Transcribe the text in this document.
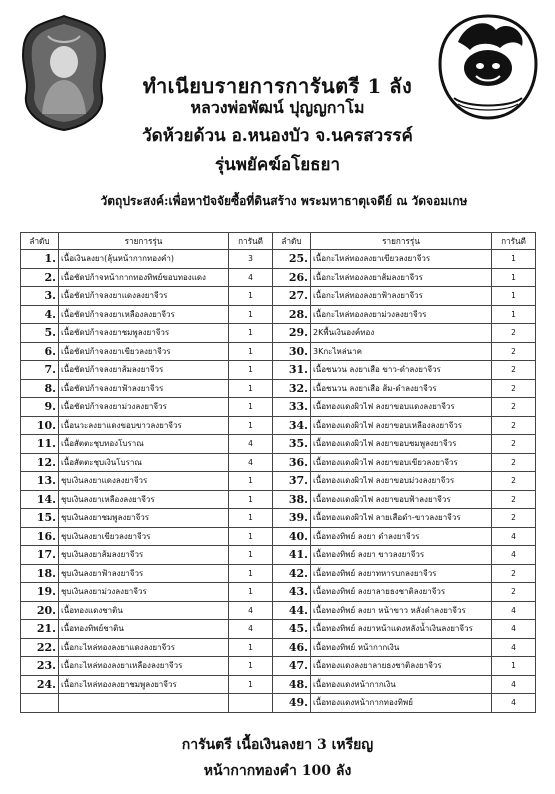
ทำเนียบรายการการันตรี 1 ลัง
หลวงพ่อพัฒน์ ปุญญกาโม
วัดห้วยด้วน อ.หนองบัว จ.นครสวรรค์
รุ่นพยัคฆ์อโยธยา
วัตถุประสงค์:เพื่อหาปัจจัยซื้อที่ดินสร้าง พระมหาธาตุเจดีย์ ณ วัดจอมเกษ
ลำดับ	รายการรุ่น	การันตี	ลำดับ	รายการรุ่น	การันตี
1.	เนื้อเงินลงยา(ลุ้นหน้ากากทองคำ)	3	25.	เนื้อกะไหล่ทองลงยาเขียวลงยาจีวร	1
2.	เนื้อชัดปก้าจหน้ากากทองทิพย์ขอบทองแดง	4	26.	เนื้อกะไหล่ทองลงยาส้มลงยาจีวร	1
3.	เนื้อชัดปก้าจลงยาแดงลงยาจีวร	1	27.	เนื้อกะไหล่ทองลงยาฟ้าลงยาจีวร	1
4.	เนื้อชัดปก้าจลงยาเหลืองลงยาจีวร	1	28.	เนื้อกะไหล่ทองลงยาม่วงลงยาจีวร	1
5.	เนื้อชัดปก้าจลงยาชมพูลงยาจีวร	1	29.	2Kพื้นเงินองค์ทอง	2
6.	เนื้อชัดปก้าจลงยาเขียวลงยาจีวร	1	30.	3Kกะไหล่นาค	2
7.	เนื้อชัดปก้าจลงยาส้มลงยาจีวร	1	31.	เนื้อชนวน ลงยาเสือ ขาว-ดำลงยาจีวร	2
8.	เนื้อชัดปก้าจลงยาฟ้าลงยาจีวร	1	32.	เนื้อชนวน ลงยาเสือ ส้ม-ดำลงยาจีวร	2
9.	เนื้อชัดปก้าจลงยาม่วงลงยาจีวร	1	33.	เนื้อทองแดงผิวไฟ ลงยาขอบแดงลงยาจีวร	2
10.	เนื้อนวะลงยาแดงขอบขาวลงยาจีวร	1	34.	เนื้อทองแดงผิวไฟ ลงยาขอบเหลืองลงยาจีวร	2
11.	เนื้อสัตตะชุบทองโบราณ	4	35.	เนื้อทองแดงผิวไฟ ลงยาขอบชมพูลงยาจีวร	2
12.	เนื้อสัตตะชุบเงินโบราณ	4	36.	เนื้อทองแดงผิวไฟ ลงยาขอบเขียวลงยาจีวร	2
13.	ชุบเงินลงยาแดงลงยาจีวร	1	37.	เนื้อทองแดงผิวไฟ ลงยาขอบม่วงลงยาจีวร	2
14.	ชุบเงินลงยาเหลืองลงยาจีวร	1	38.	เนื้อทองแดงผิวไฟ ลงยาขอบฟ้าลงยาจีวร	2
15.	ชุบเงินลงยาชมพูลงยาจีวร	1	39.	เนื้อทองแดงผิวไฟ ลายเสือดำ-ขาวลงยาจีวร	2
16.	ชุบเงินลงยาเขียวลงยาจีวร	1	40.	เนื้อทองทิพย์ ลงยา ดำลงยาจีวร	4
17.	ชุบเงินลงยาส้มลงยาจีวร	1	41.	เนื้อทองทิพย์ ลงยา ขาวลงยาจีวร	4
18.	ชุบเงินลงยาฟ้าลงยาจีวร	1	42.	เนื้อทองทิพย์ ลงยาทหารบกลงยาจีวร	2
19.	ชุบเงินลงยาม่วงลงยาจีวร	1	43.	เนื้อทองทิพย์ ลงยาลายธงชาติลงยาจีวร	2
20.	เนื้อทองแดงชาติน	4	44.	เนื้อทองทิพย์ ลงยา หน้าขาว หลังดำลงยาจีวร	4
21.	เนื้อทองทิพย์ชาติน	4	45.	เนื้อทองทิพย์ ลงยาหน้าแดงหลังน้ำเงินลงยาจีวร	4
22.	เนื้อกะไหล่ทองลงยาแดงลงยาจีวร	1	46.	เนื้อทองทิพย์ หน้ากากเงิน	4
23.	เนื้อกะไหล่ทองลงยาเหลืองลงยาจีวร	1	47.	เนื้อทองแดงลงยาลายธงชาติลงยาจีวร	1
24.	เนื้อกะไหล่ทองลงยาชมพูลงยาจีวร	1	48.	เนื้อทองแดงหน้ากากเงิน	4
			49.	เนื้อทองแดงหน้ากากทองทิพย์	4
การันตรี เนื้อเงินลงยา 3 เหรียญ
หน้ากากทองคำ 100 ลัง
